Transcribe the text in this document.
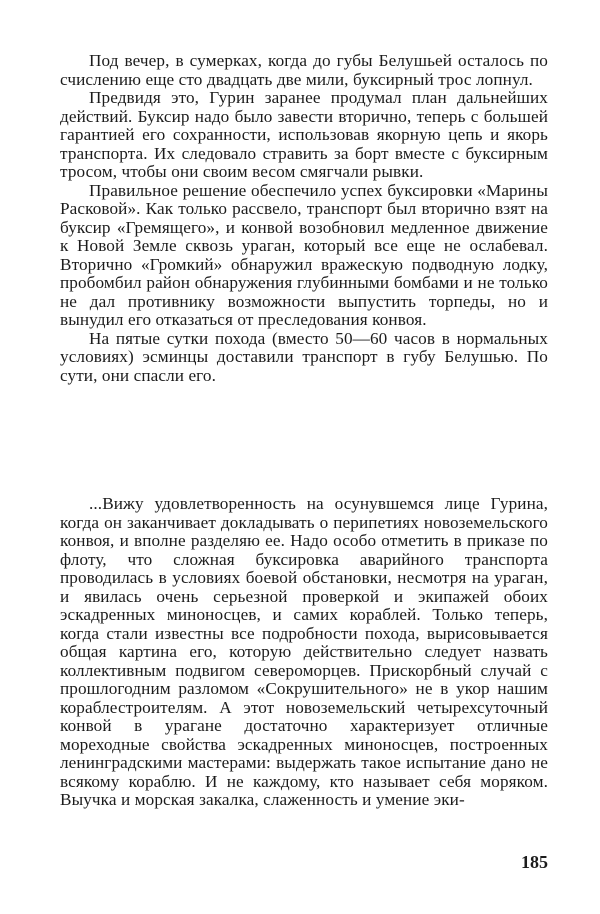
Под вечер, в сумерках, когда до губы Белушьей осталось по счислению еще сто двадцать две мили, буксирный трос лопнул.

Предвидя это, Гурин заранее продумал план дальнейших действий. Буксир надо было завести вторично, теперь с большей гарантией его сохранности, использовав якорную цепь и якорь транспорта. Их следовало стравить за борт вместе с буксирным тросом, чтобы они своим весом смягчали рывки.

Правильное решение обеспечило успех буксировки «Марины Расковой». Как только рассвело, транспорт был вторично взят на буксир «Гремящего», и конвой возобновил медленное движение к Новой Земле сквозь ураган, который все еще не ослабевал. Вторично «Громкий» обнаружил вражескую подводную лодку, пробомбил район обнаружения глубинными бомбами и не только не дал противнику возможности выпустить торпеды, но и вынудил его отказаться от преследования конвоя.

На пятые сутки похода (вместо 50—60 часов в нормальных условиях) эсминцы доставили транспорт в губу Белушью. По сути, они спасли его.

...Вижу удовлетворенность на осунувшемся лице Гурина, когда он заканчивает докладывать о перипетиях новоземельского конвоя, и вполне разделяю ее. Надо особо отметить в приказе по флоту, что сложная буксировка аварийного транспорта проводилась в условиях боевой обстановки, несмотря на ураган, и явилась очень серьезной проверкой и экипажей обоих эскадренных миноносцев, и самих кораблей. Только теперь, когда стали известны все подробности похода, вырисовывается общая картина его, которую действительно следует назвать коллективным подвигом североморцев. Прискорбный случай с прошлогодним разломом «Сокрушительного» не в укор нашим кораблестроителям. А этот новоземельский четырехсуточный конвой в урагане достаточно характеризует отличные мореходные свойства эскадренных миноносцев, построенных ленинградскими мастерами: выдержать такое испытание дано не всякому кораблю. И не каждому, кто называет себя моряком. Выучка и морская закалка, слаженность и умение эки-

185
